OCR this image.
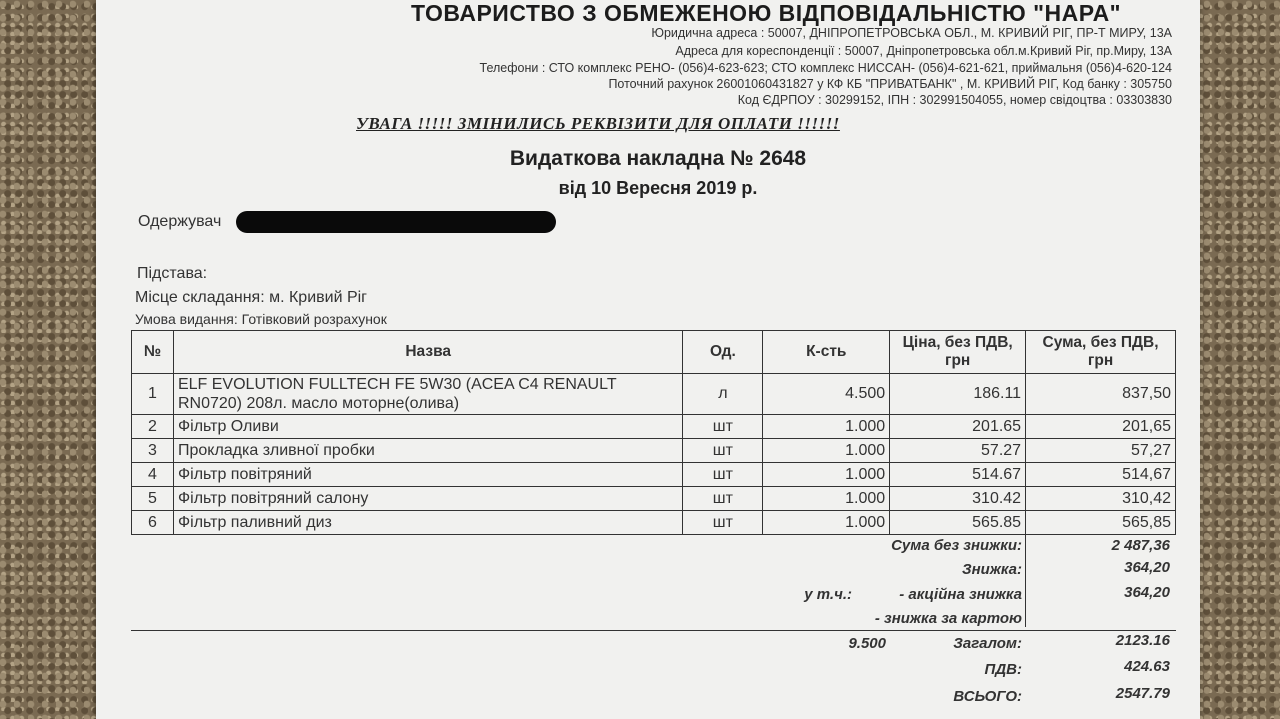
ТОВАРИСТВО З ОБМЕЖЕНОЮ ВІДПОВІДАЛЬНІСТЮ "НАРА"
Юридична адреса : 50007, ДНІПРОПЕТРОВСЬКА ОБЛ., М. КРИВИЙ РІГ, ПР-Т МИРУ, 13А
Адреса для кореспонденції : 50007, Дніпропетровська обл.м.Кривий Ріг, пр.Миру, 13А
Телефони : СТО комплекс РЕНО- (056)4-623-623; СТО комплекс НИССАН- (056)4-621-621, приймальня (056)4-620-124
Поточний рахунок 26001060431827 у КФ КБ "ПРИВАТБАНК" , М. КРИВИЙ РІГ, Код банку : 305750
Код ЄДРПОУ : 30299152, ІПН : 302991504055, номер свідоцтва : 03303830
УВАГА !!!!! ЗМІНИЛИСЬ РЕКВІЗИТИ ДЛЯ ОПЛАТИ !!!!!!
Видаткова накладна № 2648
від 10 Вересня 2019 р.
Одержувач
Підстава:
Місце складання: м. Кривий Ріг
Умова видання: Готівковий розрахунок
№	Назва	Од.	К-сть	Ціна, без ПДВ, грн	Сума, без ПДВ, грн
1	ELF EVOLUTION FULLTECH FE 5W30 (ACEA C4 RENAULT RN0720) 208л. масло моторне(олива)	л	4.500	186.11	837,50
2	Фільтр Оливи	шт	1.000	201.65	201,65
3	Прокладка зливної пробки	шт	1.000	57.27	57,27
4	Фільтр повітряний	шт	1.000	514.67	514,67
5	Фільтр повітряний салону	шт	1.000	310.42	310,42
6	Фільтр паливний диз	шт	1.000	565.85	565,85
Сума без знижки:	2 487,36
Знижка:	364,20
у т.ч.:	- акційна знижка	364,20
- знижка за картою
9.500	Загалом:	2123.16
ПДВ:	424.63
ВСЬОГО:	2547.79
